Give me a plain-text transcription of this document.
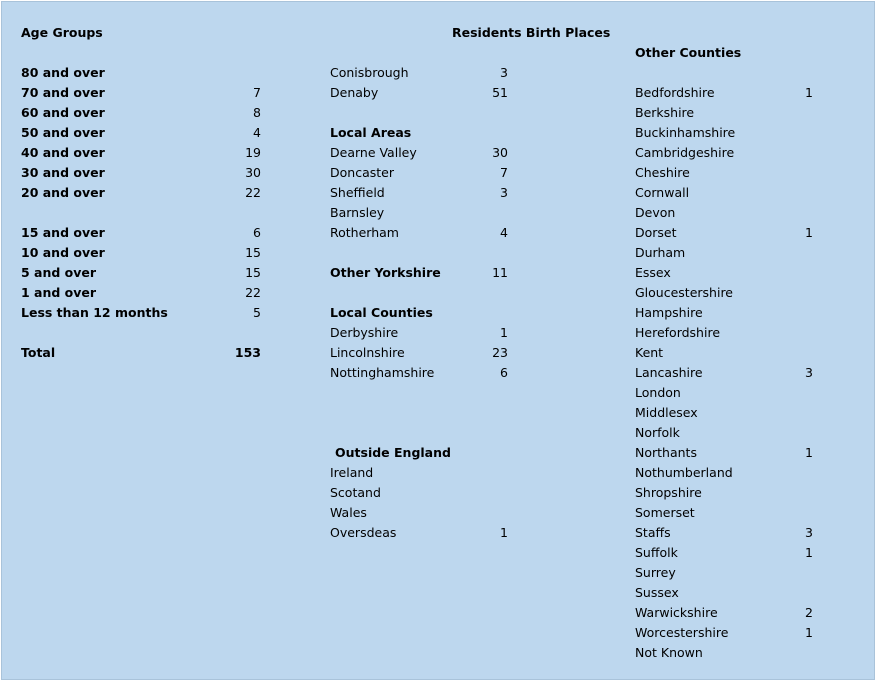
Age Groups
80 and over
70 and over	7
60 and over	8
50 and over	4
40 and over	19
30 and over	30
20 and over	22
15 and over	6
10 and over	15
5 and over	15
1 and over	22
Less than 12 months	5
Total	153
Residents Birth Places
Conisbrough	3
Denaby	51
Local Areas
Dearne Valley	30
Doncaster	7
Sheffield	3
Barnsley
Rotherham	4
Other Yorkshire	11
Local Counties
Derbyshire	1
Lincolnshire	23
Nottinghamshire	6
Outside England
Ireland
Scotand
Wales
Oversdeas	1
Other Counties
Bedfordshire	1
Berkshire
Buckinhamshire
Cambridgeshire
Cheshire
Cornwall
Devon
Dorset	1
Durham
Essex
Gloucestershire
Hampshire
Herefordshire
Kent
Lancashire	3
London
Middlesex
Norfolk
Northants	1
Nothumberland
Shropshire
Somerset
Staffs	3
Suffolk	1
Surrey
Sussex
Warwickshire	2
Worcestershire	1
Not Known
